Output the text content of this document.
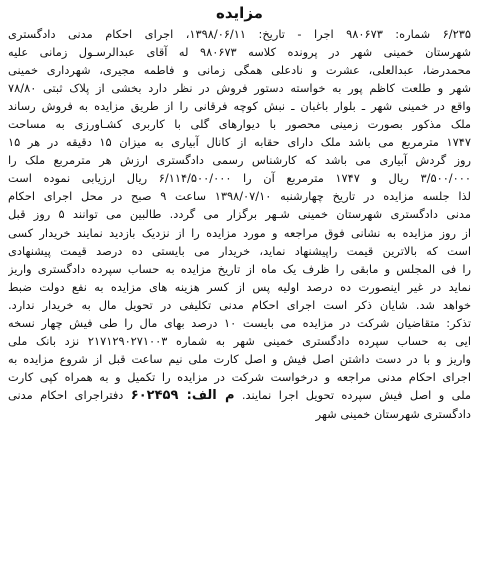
مزایده

۶/۲۳۵ شماره: ۹۸۰۶۷۳ اجرا - تاریخ: ۱۳۹۸/۰۶/۱۱، اجرای احکام مدنی دادگستری
شهرستان خمینی شهر در پرونده کلاسه ۹۸۰۶۷۳ له آقای عبدالرسـول زمانی علیه
محمدرضا، عبدالعلی، عشرت و نادعلی همگی زمانی و فاطمه مجیری، شهرداری خمینی
شهر و طلعت کاظم پور به خواسته دستور فروش در نظر دارد بخشی از پلاک ثبتی ۷۸/۸۰
واقع در خمینی شهر ـ بلوار باغبان ـ نبش کوچه فرقانی را از طریق مزایده به فروش رساند
ملک مذکور بصورت زمینی محصور با دیوارهای گلی با کاربری کشـاورزی به مساحت
۱۷۴۷ مترمربع می باشد ملک دارای حقابه از کانال آبیاری به میزان ۱۵ دقیقه در هر ۱۵
روز گردش آبیاری می باشد که کارشناس رسمی دادگستری ارزش هر مترمربع ملک را
۳/۵۰۰/۰۰۰ ریال و ۱۷۴۷ مترمربع آن را ۶/۱۱۴/۵۰۰/۰۰۰ ریال ارزیابی نموده است
لذا جلسه مزایده در تاریخ چهارشنبه ۱۳۹۸/۰۷/۱۰ ساعت ۹ صبح در محل اجرای احکام
مدنی دادگستری شهرستان خمینی شـهر برگزار می گردد. طالبین می توانند ۵ روز قبل
از روز مزایده به نشانی فوق مراجعه و مورد مزایده را از نزدیک بازدید نمایند خریدار کسی
است که بالاترین قیمت راپیشنهاد نماید، خریدار می بایستی ده درصد قیمت پیشنهادی
را فی المجلس و مابقی را ظرف یک ماه از تاریخ مزایده به حساب سپرده دادگستری واریز
نماید در غیر اینصورت ده درصد اولیه پس از کسر هزینه های مزایده به نفع دولت ضبط
خواهد شد. شایان ذکر است اجرای احکام مدنی تکلیفی در تحویل مال به خریدار ندارد.
تذکر: متقاضیان شرکت در مزایده می بایست ۱۰ درصد بهای مال را طی فیش چهار نسخه
ایی به حساب سپرده دادگستری خمینی شهر به شماره ۲۱۷۱۲۹۰۲۷۱۰۰۳ نزد بانک ملی
واریز و با در دست داشتن اصل فیش و اصل کارت ملی نیم ساعت قبل از شروع مزایده به
اجرای احکام مدنی مراجعه و درخواست شرکت در مزایده را تکمیل و به همراه کپی کارت
ملی و اصل فیش سپرده تحویل اجرا نمایند. م الف: ۶۰۲۴۵۹ دفتراجرای احکام مدنی
دادگستری شهرستان خمینی شهر
